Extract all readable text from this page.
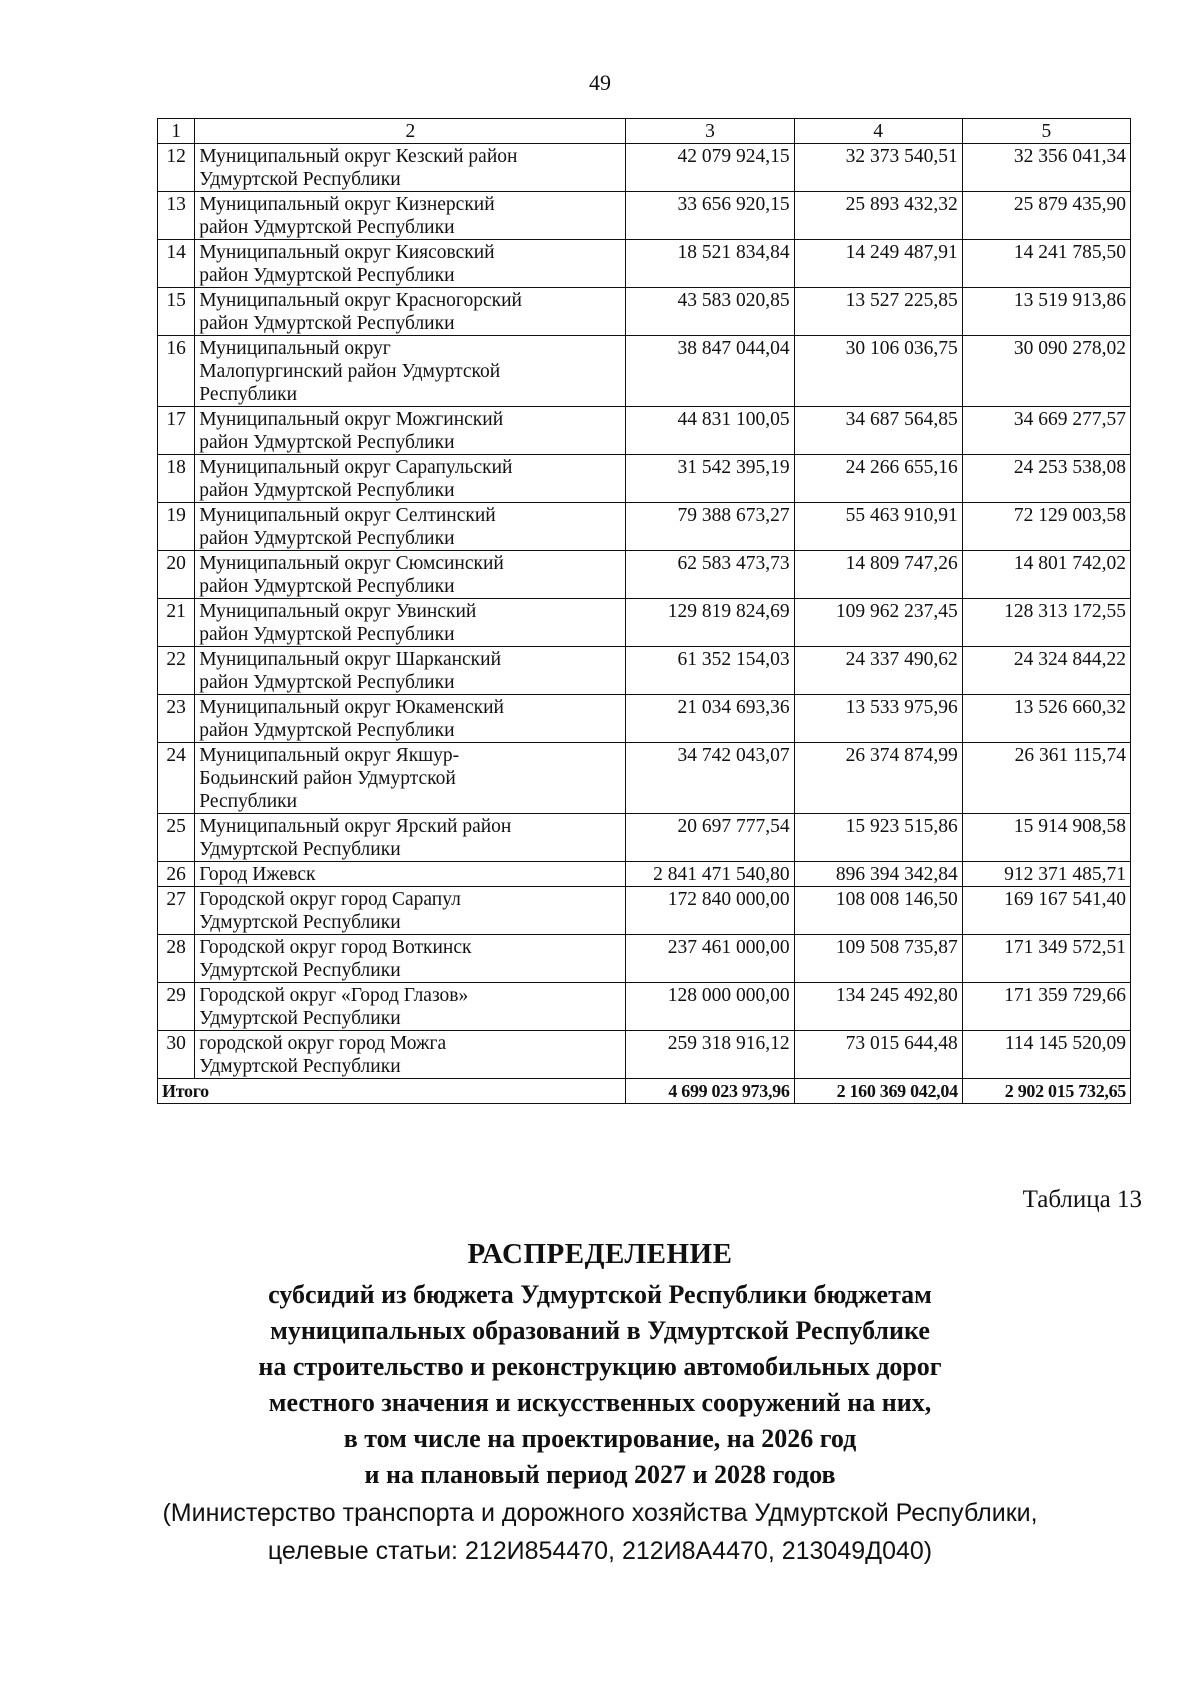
49
1	2	3	4	5
12	Муниципальный округ Кезский район Удмуртской Республики	42 079 924,15	32 373 540,51	32 356 041,34
13	Муниципальный округ Кизнерский район Удмуртской Республики	33 656 920,15	25 893 432,32	25 879 435,90
14	Муниципальный округ Киясовский район Удмуртской Республики	18 521 834,84	14 249 487,91	14 241 785,50
15	Муниципальный округ Красногорский район Удмуртской Республики	43 583 020,85	13 527 225,85	13 519 913,86
16	Муниципальный округ Малопургинский район Удмуртской Республики	38 847 044,04	30 106 036,75	30 090 278,02
17	Муниципальный округ Можгинский район Удмуртской Республики	44 831 100,05	34 687 564,85	34 669 277,57
18	Муниципальный округ Сарапульский район Удмуртской Республики	31 542 395,19	24 266 655,16	24 253 538,08
19	Муниципальный округ Селтинский район Удмуртской Республики	79 388 673,27	55 463 910,91	72 129 003,58
20	Муниципальный округ Сюмсинский район Удмуртской Республики	62 583 473,73	14 809 747,26	14 801 742,02
21	Муниципальный округ Увинский район Удмуртской Республики	129 819 824,69	109 962 237,45	128 313 172,55
22	Муниципальный округ Шарканский район Удмуртской Республики	61 352 154,03	24 337 490,62	24 324 844,22
23	Муниципальный округ Юкаменский район Удмуртской Республики	21 034 693,36	13 533 975,96	13 526 660,32
24	Муниципальный округ Якшур-Бодьинский район Удмуртской Республики	34 742 043,07	26 374 874,99	26 361 115,74
25	Муниципальный округ Ярский район Удмуртской Республики	20 697 777,54	15 923 515,86	15 914 908,58
26	Город Ижевск	2 841 471 540,80	896 394 342,84	912 371 485,71
27	Городской округ город Сарапул Удмуртской Республики	172 840 000,00	108 008 146,50	169 167 541,40
28	Городской округ город Воткинск Удмуртской Республики	237 461 000,00	109 508 735,87	171 349 572,51
29	Городской округ «Город Глазов» Удмуртской Республики	128 000 000,00	134 245 492,80	171 359 729,66
30	городской округ город Можга Удмуртской Республики	259 318 916,12	73 015 644,48	114 145 520,09
Итого		4 699 023 973,96	2 160 369 042,04	2 902 015 732,65
Таблица 13
РАСПРЕДЕЛЕНИЕ
субсидий из бюджета Удмуртской Республики бюджетам
муниципальных образований в Удмуртской Республике
на строительство и реконструкцию автомобильных дорог
местного значения и искусственных сооружений на них,
в том числе на проектирование, на 2026 год
и на плановый период 2027 и 2028 годов
(Министерство транспорта и дорожного хозяйства Удмуртской Республики,
целевые статьи: 212И854470, 212И8А4470, 213049Д040)
